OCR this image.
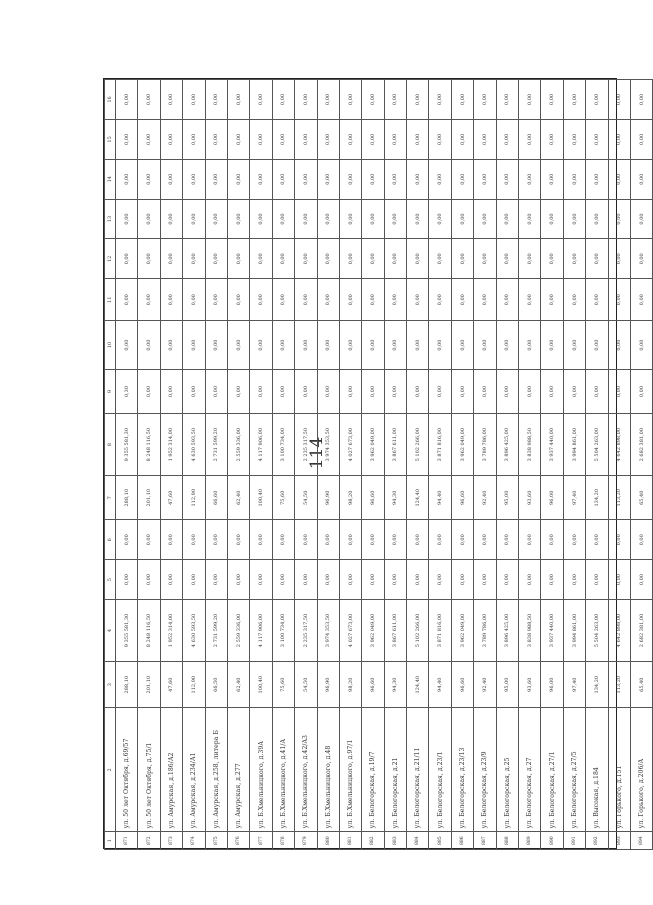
114
1	2	3	4	5	6	7	8	9	10	11	12	13	14	15	16
871	ул. 50 лет Октября, д.69/57	288,10	9 355 581,30	0,00	0,00	288,10	9 355 581,30	0,30	0,00	0,00	0,00	0,00	0,00	0,00	0,00
872	ул. 50 лет Октября, д.75/1	201,10	8 248 116,50	0,00	0,00	201,10	8 248 116,50	0,00	0,00	0,00	0,00	0,00	0,00	0,00	0,00
873	ул. Амурская, д.186/А2	47,60	1 952 314,00	0,00	0,00	47,60	1 952 314,00	0,00	0,00	0,00	0,00	0,00	0,00	0,00	0,00
874	ул. Амурская, д.234/А1	112,90	4 630 593,50	0,00	0,00	112,90	4 630 593,50	0,00	0,00	0,00	0,00	0,00	0,00	0,00	0,00
875	ул. Амурская, д.258, литера Б	66,50	2 731 599,20	0,00	0,00	66,60	2 731 599,20	0,00	0,00	0,00	0,00	0,00	0,00	0,00	0,00
876	ул. Амурская, д.277	62,40	2 559 336,00	0,00	0,00	62,40	2 559 336,00	0,00	0,00	0,00	0,00	0,00	0,00	0,00	0,00
877	ул. Б.Хмельницкого, д.39А	100,40	4 117 906,00	0,00	0,00	100,40	4 117 906,00	0,00	0,00	0,00	0,00	0,00	0,00	0,00	0,00
878	ул. Б.Хмельницкого, д.41/А	75,60	3 100 734,00	0,00	0,00	75,60	3 100 734,00	0,00	0,00	0,00	0,00	0,00	0,00	0,00	0,00
879	ул. Б.Хмельницкого, д.42/А3	54,50	2 235 317,50	0,00	0,00	54,50	2 235 317,50	0,00	0,00	0,00	0,00	0,00	0,00	0,00	0,00
880	ул. Б.Хмельницкого, д.48	96,90	3 974 353,50	0,00	0,00	96,90	3 974 353,50	0,00	0,00	0,00	0,00	0,00	0,00	0,00	0,00
881	ул. Б.Хмельницкого, д.97/1	98,20	4 027 673,00	0,00	0,00	98,20	4 027 673,00	0,00	0,00	0,00	0,00	0,00	0,00	0,00	0,00
882	ул. Белогорская, д.19/7	96,60	3 962 049,00	0,00	0,00	96,60	3 962 049,00	0,00	0,00	0,00	0,00	0,00	0,00	0,00	0,00
883	ул. Белогорская, д.21	94,30	3 867 611,00	0,00	0,00	94,30	3 867 611,00	0,00	0,00	0,00	0,00	0,00	0,00	0,00	0,00
884	ул. Белогорская, д.21/11	124,40	5 102 266,00	0,00	0,00	124,40	5 102 266,00	0,00	0,00	0,00	0,00	0,00	0,00	0,00	0,00
885	ул. Белогорская, д.23/1	94,40	3 871 816,00	0,00	0,00	94,40	3 871 816,00	0,00	0,00	0,00	0,00	0,00	0,00	0,00	0,00
886	ул. Белогорская, д.23/13	96,60	3 962 049,00	0,00	0,00	96,60	3 962 049,00	0,00	0,00	0,00	0,00	0,00	0,00	0,00	0,00
887	ул. Белогорская, д.23/9	92,40	3 789 786,00	0,00	0,00	92,40	3 789 786,00	0,00	0,00	0,00	0,00	0,00	0,00	0,00	0,00
888	ул. Белогорская, д.25	95,00	3 896 425,00	0,00	0,00	95,00	3 896 425,00	0,00	0,00	0,00	0,00	0,00	0,00	0,00	0,00
889	ул. Белогорская, д.27	93,60	3 838 988,50	0,00	0,00	93,60	3 838 988,50	0,00	0,00	0,00	0,00	0,00	0,00	0,00	0,00
890	ул. Белогорская, д.27/1	96,00	3 937 440,00	0,00	0,00	96,00	3 937 440,00	0,00	0,00	0,00	0,00	0,00	0,00	0,00	0,00
891	ул. Белогорская, д.27/5	97,40	3 994 861,00	0,00	0,00	97,40	3 994 861,00	0,00	0,00	0,00	0,00	0,00	0,00	0,00	0,00
892	ул. Высокая, д.184	134,20	5 504 263,00	0,00	0,00	134,20	5 504 263,00	0,00	0,00	0,00	0,00	0,00	0,00	0,00	0,00
893	ул. Горького, д.151	113,20	4 642 898,00	0,00	0,00	113,20	4 642 898,00	0,00	0,00	0,00	0,00	0,00	0,00	0,00	0,00
894	ул. Горького, д.206/А	65,40	2 682 381,00	0,00	0,00	65,40	2 682 381,00	0,00	0,00	0,00	0,00	0,00	0,00	0,00	0,00
